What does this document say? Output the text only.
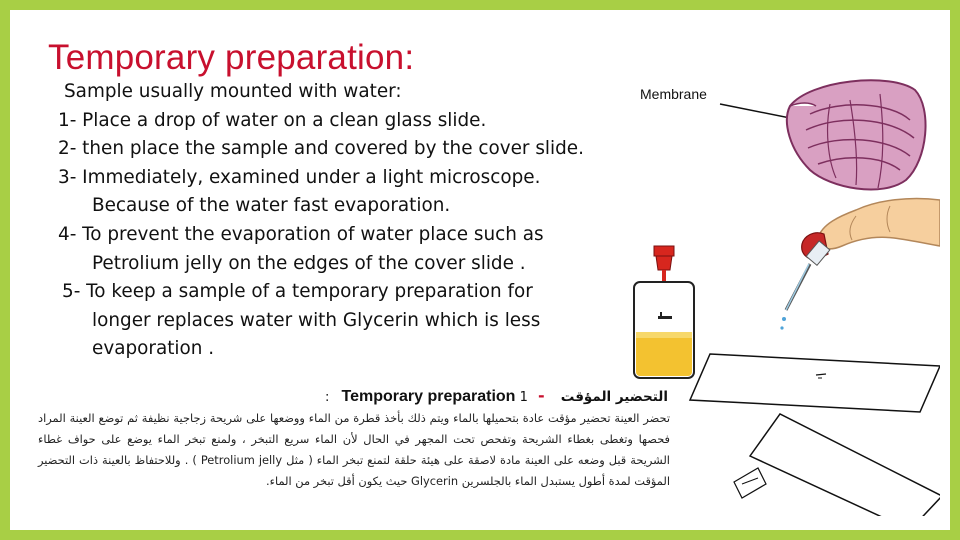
Temporary preparation:
Sample usually mounted with water:
1- Place a drop of water on a clean glass slide.
2- then place the sample and covered by the cover slide.
3- Immediately, examined under a light microscope.
Because of the water fast evaporation.
4- To prevent the evaporation of water place such as
Petrolium jelly on the edges of the cover slide .
5- To keep a sample of a temporary preparation for
longer replaces water with Glycerin which is less
evaporation .
Membrane
: Temporary preparation	التحضير المؤقت - 1
تحضر العينة تحضير مؤقت عادة بتحميلها بالماء ويتم ذلك بأخذ قطرة من الماء ووضعها على شريحة زجاجية نظيفة ثم توضع العينة المراد فحصها وتغطى بغطاء الشريحة وتفحص تحت المجهر في الحال لأن الماء سريع التبخر ، ولمنع تبخر الماء يوضع على حواف غطاء الشريحة قبل وضعه على العينة مادة لاصقة على هيئة حلقة لتمنع تبخر الماء ( مثل Petrolium jelly ) . وللاحتفاظ بالعينة ذات التحضير المؤقت لمدة أطول يستبدل الماء بالجلسرين Glycerin حيث يكون أقل تبخر من الماء.
